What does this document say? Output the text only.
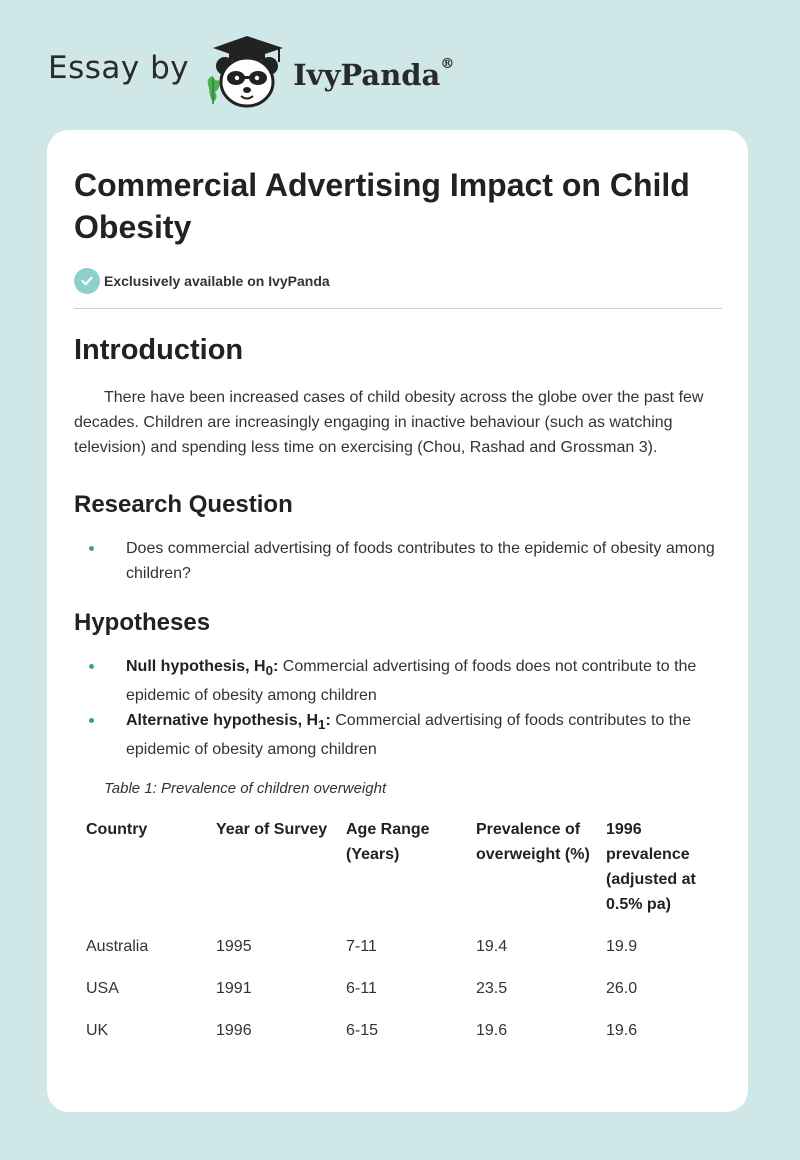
Essay by	IvyPanda®
Commercial Advertising Impact on Child Obesity
Exclusively available on IvyPanda
Introduction

There have been increased cases of child obesity across the globe over the past few decades. Children are increasingly engaging in inactive behaviour (such as watching television) and spending less time on exercising (Chou, Rashad and Grossman 3).

Research Question
Does commercial advertising of foods contributes to the epidemic of obesity among children?
Hypotheses
Null hypothesis, $H_0$: Commercial advertising of foods does not contribute to the epidemic of obesity among children
Alternative hypothesis, $H_1$: Commercial advertising of foods contributes to the epidemic of obesity among children
Table 1: Prevalence of children overweight
Country	Year of Survey	Age Range (Years)	Prevalence of overweight (%)	1996 prevalence (adjusted at 0.5% pa)
Australia	1995	7-11	19.4	19.9
USA	1991	6-11	23.5	26.0
UK	1996	6-15	19.6	19.6
